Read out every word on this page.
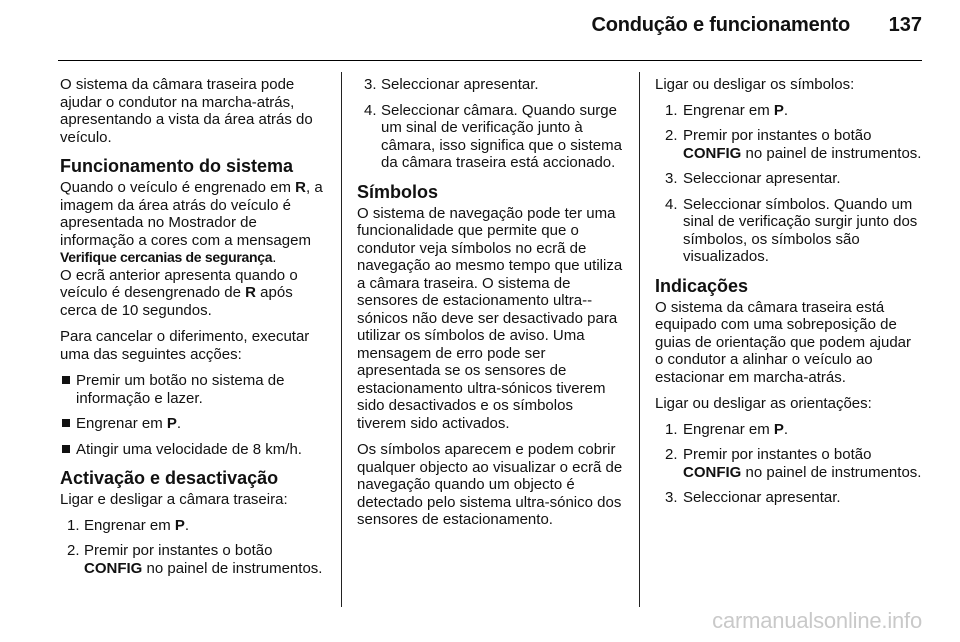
Condução e funcionamento 137

O sistema da câmara traseira pode ajudar o condutor na marcha-atrás, apresentando a vista da área atrás do veículo.

Funcionamento do sistema

Quando o veículo é engrenado em R, a imagem da área atrás do veículo é apresentada no Mostrador de informação a cores com a mensagem Verifique cercanias de segurança.

O ecrã anterior apresenta quando o veículo é desengrenado de R após cerca de 10 segundos.

Para cancelar o diferimento, executar uma das seguintes acções:

Premir um botão no sistema de informação e lazer.
Engrenar em P.
Atingir uma velocidade de 8 km/h.
Activação e desactivação

Ligar e desligar a câmara traseira:

1. Engrenar em P.
2. Premir por instantes o botão CONFIG no painel de instrumentos.
3. Seleccionar apresentar.
4. Seleccionar câmara. Quando surge um sinal de verificação junto à câmara, isso significa que o sistema da câmara traseira está accionado.
Símbolos

O sistema de navegação pode ter uma funcionalidade que permite que o condutor veja símbolos no ecrã de navegação ao mesmo tempo que utiliza a câmara traseira. O sistema de sensores de estacionamento ultra--sónicos não deve ser desactivado para utilizar os símbolos de aviso. Uma mensagem de erro pode ser apresentada se os sensores de estacionamento ultra-sónicos tiverem sido desactivados e os símbolos tiverem sido activados.

Os símbolos aparecem e podem cobrir qualquer objecto ao visualizar o ecrã de navegação quando um objecto é detectado pelo sistema ultra-sónico dos sensores de estacionamento.

Ligar ou desligar os símbolos:

1. Engrenar em P.
2. Premir por instantes o botão CONFIG no painel de instrumentos.
3. Seleccionar apresentar.
4. Seleccionar símbolos. Quando um sinal de verificação surgir junto dos símbolos, os símbolos são visualizados.
Indicações

O sistema da câmara traseira está equipado com uma sobreposição de guias de orientação que podem ajudar o condutor a alinhar o veículo ao estacionar em marcha-atrás.

Ligar ou desligar as orientações:

1. Engrenar em P.
2. Premir por instantes o botão CONFIG no painel de instrumentos.
3. Seleccionar apresentar.
carmanualsonline.info
